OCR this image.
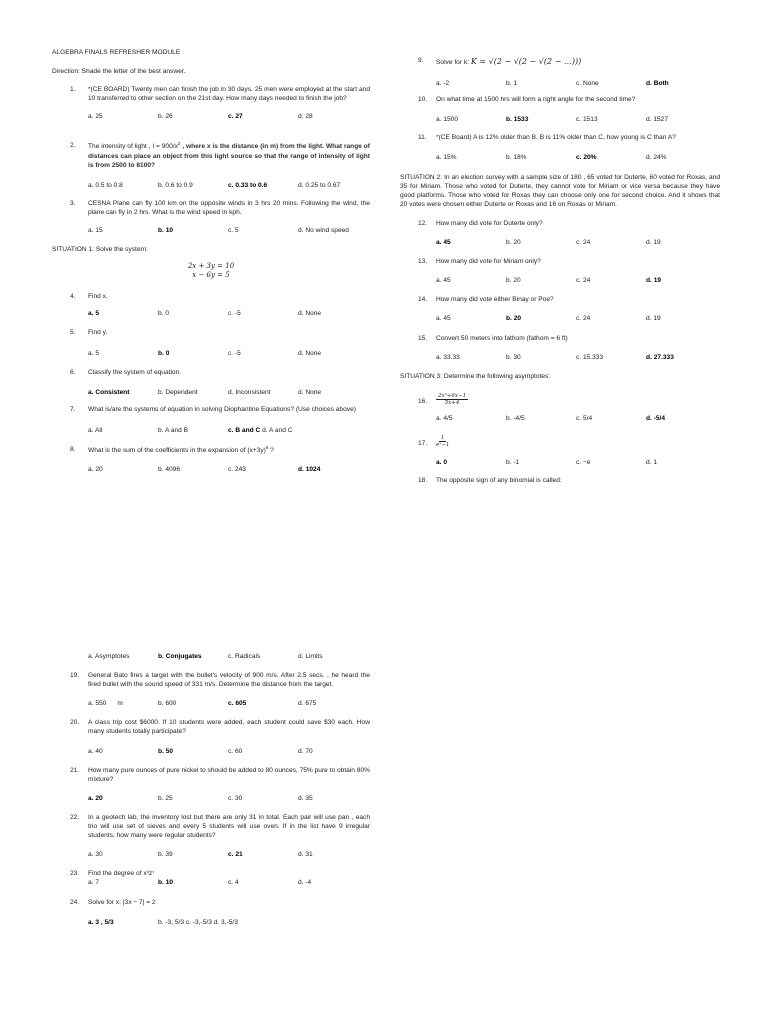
ALGEBRA FINALS REFRESHER MODULE

Direction: Shade the letter of the best answer.

1. *(CE BOARD) Twenty men can finish the job in 30 days. 25 men were employed at the start and 10 transferred to other section on the 21st day. How many days needed to finish the job?
a. 25	b. 26	c. 27	d. 28
2. The intensity of light , $I = 900/x^2$ , where x is the distance (in m) from the light. What range of distances can place an object from this light source so that the range of intensity of light is from 2500 to 8100?
a. 0.5 to 0.8	b. 0.6 to 0.9	c. 0.33 to 0.6	d. 0.25 to 0.67
3. CESNA Plane can fly 100 km on the opposite winds in 3 hrs 20 mins. Following the wind, the plane can fly in 2 hrs. What is the wind speed in kph.
a. 15	b. 10	c. 5	d. No wind speed

SITUATION 1: Solve the system:

2x + 3y = 10
x − 6y = 5
4. Find x.
a. 5	b. 0	c. -5	d. None
5. Find y.
a. 5	b. 0	c. -5	d. None
6. Classify the system of equation.
a. Consistent	b. Dependent	d. Inconsistent	d. None
7. What is/are the systems of equation in solving Diophantine Equations? (Use choices above)
a. All	b. A and B	c. B and C d. A and C
8. What is the sum of the coefficients in the expansion of $(x+3y)^6$ ?
a. 20	b. 4096	c. 243	d. 1024
9. Solve for k: K = √(2 − √(2 − √(2 − …)))
a. -2	b. 1	c. None	d. Both
10. On what time at 1500 hrs will form a right angle for the second time?
a. 1500	b. 1533	c. 1513	d. 1527
11. *(CE Board) A is 12% older than B, B is 11% older than C, how young is C than A?
a. 15%	b. 18%	c. 20%	d. 24%

SITUATION 2: In an election survey with a sample size of 180 , 65 voted for Duterte, 60 voted for Roxas, and 35 for Miriam. Those who voted for Duterte, they cannot vote for Miriam or vice versa because they have good platforms. Those who voted for Roxas they can choose only one for second choice. And it shows that 20 votes were chosen either Duterte or Roxas and 16 on Roxas or Miriam.

12. How many did vote for Duterte only?
a. 45	b. 20	c. 24	d. 19
13. How many did vote for Miriam only?
a. 45	b. 20	c. 24	d. 19
14. How many did vote either Binay or Poe?
a. 45	b. 20	c. 24	d. 19
15. Convert 50 meters into fathom (fathom = 6 ft)
a. 33.33	b. 30	c. 15.333	d. 27.333

SITUATION 3: Determine the following asymptotes:

16. $\frac{\text{2x³+6x−1}}{5x+4}$
a. 4/5	b. -4/5	c. 5/4	d. -5/4
17. $\frac{1}{\text{eˣ−1}}$
a. 0	b. -1	c. −e	d. 1
18. The opposite sign of any binomial is called:
a. Asymptotes	b. Conjugates	c. Radicals	d. Limits
19. General Bato fires a target with the bullet's velocity of 900 m/s. After 2.5 secs. , he heard the fired bullet with the sound speed of 331 m/s. Determine the distance from the target.
a. 550      m	b. 600	c. 605	d. 675
20. A class trip cost $6000. If 10 students were added, each student could save $30 each. How many students totally participate?
a. 40	b. 50	c. 60	d. 70
21. How many pure ounces of pure nickel to should be added to 80 ounces, 75% pure to obtain 80% mixture?
a. 20	b. 25	c. 30	d. 35
22. In a geotech lab, the inventory lost but there are only 31 in total. Each pair will use pan , each trio will use set of sieves and every 5 students will use oven. If in the list have 9 irregular students, how many were regular students?
a. 30	b. 39	c. 21	d. 31
23. Find the degree of x³z⁷
a. 7	b. 10	c. 4	d. -4
24. Solve for x: |3x − 7| = 2
a. 3 , 5/3	b. -3, 5/3 c. -3,-5/3 d. 3,-5/3
